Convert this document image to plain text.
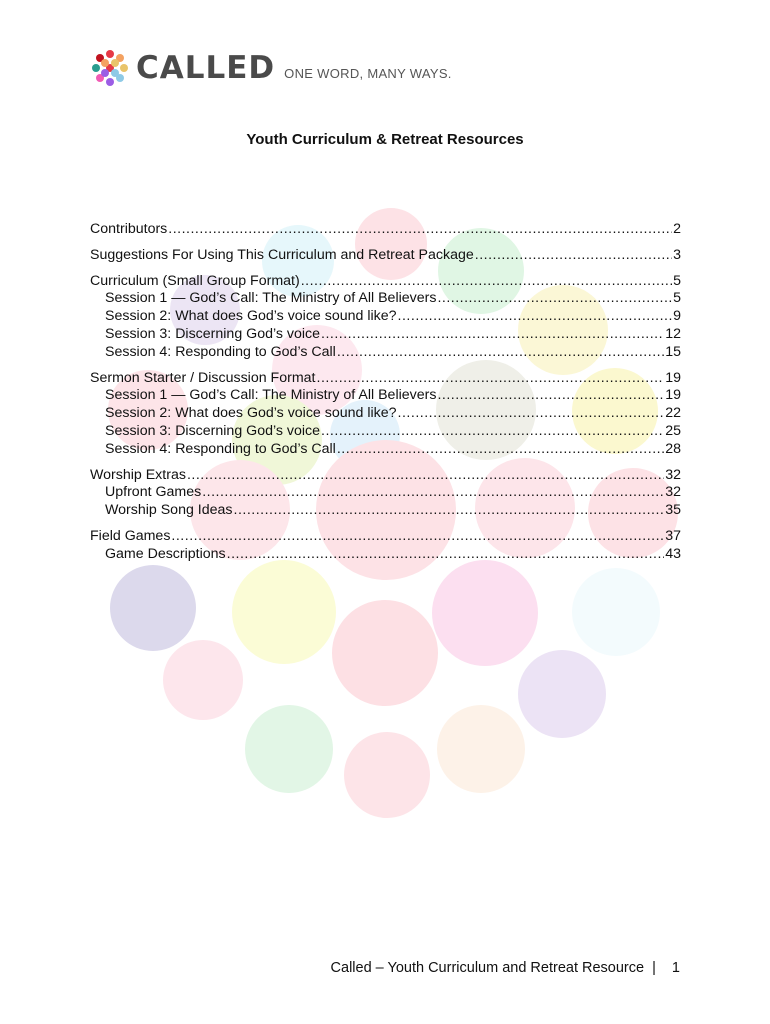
CALLED ONE WORD, MANY WAYS.
Youth Curriculum & Retreat Resources
Contributors .....	2
Suggestions For Using This Curriculum and Retreat Package .....	3
Curriculum (Small Group Format) .....	5
Session 1 — God’s Call: The Ministry of All Believers .....	5
Session 2: What does God’s voice sound like? .....	9
Session 3: Discerning God’s voice .....	12
Session 4: Responding to God’s Call .....	15
Sermon Starter / Discussion Format .....	19
Session 1 — God’s Call: The Ministry of All Believers .....	19
Session 2: What does God’s voice sound like? .....	22
Session 3: Discerning God’s voice .....	25
Session 4: Responding to God’s Call .....	28
Worship Extras .....	32
Upfront Games .....	32
Worship Song Ideas .....	35
Field Games .....	37
Game Descriptions .....	43
Called – Youth Curriculum and Retreat Resource | 1
